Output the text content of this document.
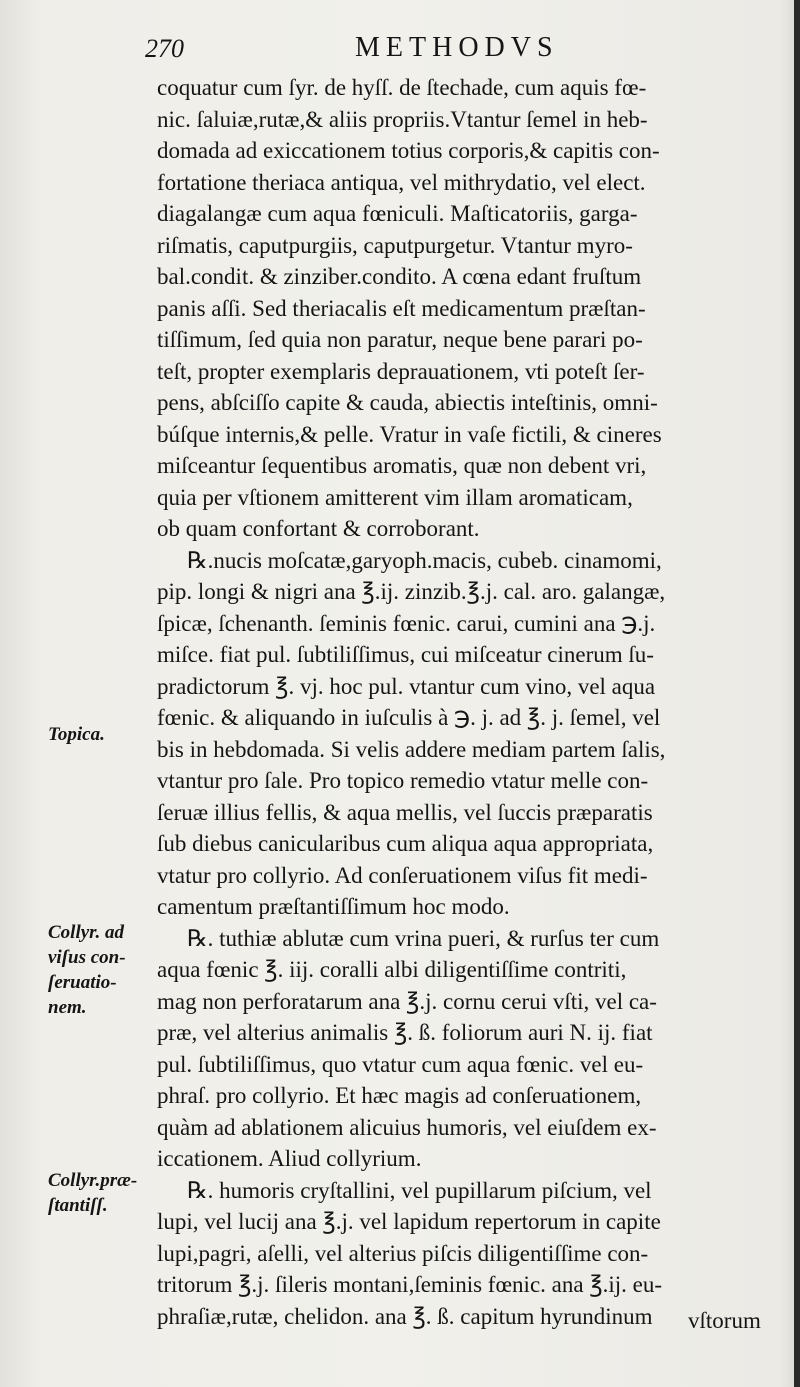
270	METHODVS
coquatur cum ſyr. de hyſſ. de ſtechade, cum aquis fœ-
nic. ſaluiæ,rutæ,& aliis propriis.Vtantur ſemel in heb-
domada ad exiccationem totius corporis,& capitis con-
fortatione theriaca antiqua, vel mithrydatio, vel elect.
diagalangæ cum aqua fœniculi. Maſticatoriis, garga-
riſmatis, caputpurgiis, caputpurgetur. Vtantur myro-
bal.condit. & zinziber.condito. A cœna edant fruſtum
panis aſſi. Sed theriacalis eſt medicamentum præſtan-
tiſſimum, ſed quia non paratur, neque bene parari po-
teſt, propter exemplaris deprauationem, vti poteſt ſer-
pens, abſciſſo capite & cauda, abiectis inteſtinis, omni-
búſque internis,& pelle. Vratur in vaſe fictili, & cineres
miſceantur ſequentibus aromatis, quæ non debent vri,
quia per vſtionem amitterent vim illam aromaticam,
ob quam confortant & corroborant.
℞.nucis moſcatæ,garyoph.macis, cubeb. cinamomi,
pip. longi & nigri ana ℥.ij. zinzib.℥.j. cal. aro. galangæ,
ſpicæ, ſchenanth. ſeminis fœnic. carui, cumini ana ℈.j.
miſce. fiat pul. ſubtiliſſimus, cui miſceatur cinerum ſu-
pradictorum ℥. vj. hoc pul. vtantur cum vino, vel aqua
fœnic. & aliquando in iuſculis à ℈. j. ad ℥. j. ſemel, vel
bis in hebdomada. Si velis addere mediam partem ſalis,
vtantur pro ſale. Pro topico remedio vtatur melle con-
ſeruæ illius fellis, & aqua mellis, vel ſuccis præparatis
ſub diebus canicularibus cum aliqua aqua appropriata,
vtatur pro collyrio. Ad conſeruationem viſus fit medi-
camentum præſtantiſſimum hoc modo.
℞. tuthiæ ablutæ cum vrina pueri, & rurſus ter cum
aqua fœnic ℥. iij. coralli albi diligentiſſime contriti,
mag non perforatarum ana ℥.j. cornu cerui vſti, vel ca-
præ, vel alterius animalis ℥. ß. foliorum auri N. ij. fiat
pul. ſubtiliſſimus, quo vtatur cum aqua fœnic. vel eu-
phraſ. pro collyrio. Et hæc magis ad conſeruationem,
quàm ad ablationem alicuius humoris, vel eiuſdem ex-
iccationem. Aliud collyrium.
℞. humoris cryſtallini, vel pupillarum piſcium, vel
lupi, vel lucij ana ℥.j. vel lapidum repertorum in capite
lupi,pagri, aſelli, vel alterius piſcis diligentiſſime con-
tritorum ℥.j. ſileris montani,ſeminis fœnic. ana ℥.ij. eu-
phraſiæ,rutæ, chelidon. ana ℥. ß. capitum hyrundinum
Topica.
Collyr. ad
viſus con-
ſeruatio-
nem.
Collyr.præ-
ſtantiſſ.
vſtorum
